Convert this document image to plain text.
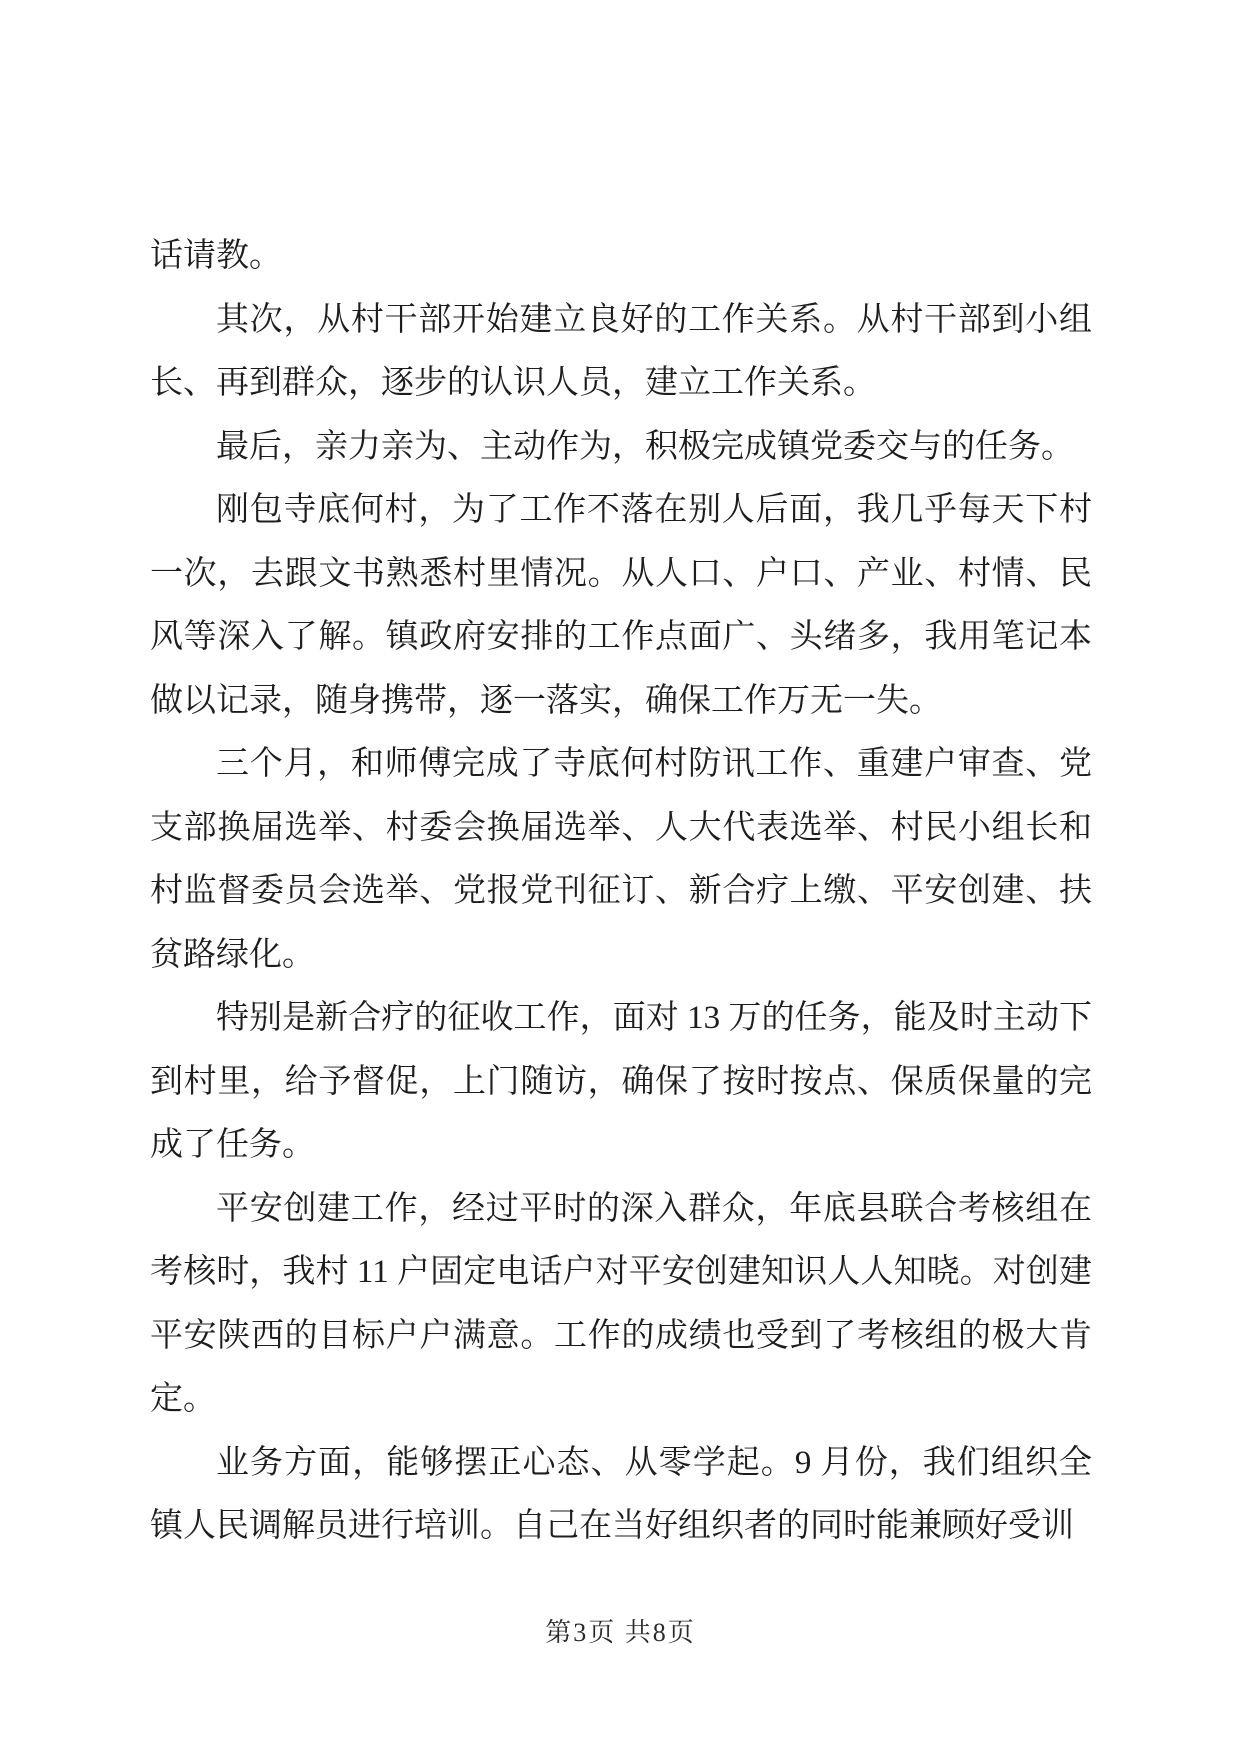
话请教。

其次，从村干部开始建立良好的工作关系。从村干部到小组长、再到群众，逐步的认识人员，建立工作关系。

最后，亲力亲为、主动作为，积极完成镇党委交与的任务。

刚包寺底何村，为了工作不落在别人后面，我几乎每天下村一次，去跟文书熟悉村里情况。从人口、户口、产业、村情、民风等深入了解。镇政府安排的工作点面广、头绪多，我用笔记本做以记录，随身携带，逐一落实，确保工作万无一失。

三个月，和师傅完成了寺底何村防讯工作、重建户审查、党支部换届选举、村委会换届选举、人大代表选举、村民小组长和村监督委员会选举、党报党刊征订、新合疗上缴、平安创建、扶贫路绿化。

特别是新合疗的征收工作，面对 13 万的任务，能及时主动下到村里，给予督促，上门随访，确保了按时按点、保质保量的完成了任务。

平安创建工作，经过平时的深入群众，年底县联合考核组在考核时，我村 11 户固定电话户对平安创建知识人人知晓。对创建平安陕西的目标户户满意。工作的成绩也受到了考核组的极大肯定。

业务方面，能够摆正心态、从零学起。9 月份，我们组织全镇人民调解员进行培训。自己在当好组织者的同时能兼顾好受训

第3页 共8页
